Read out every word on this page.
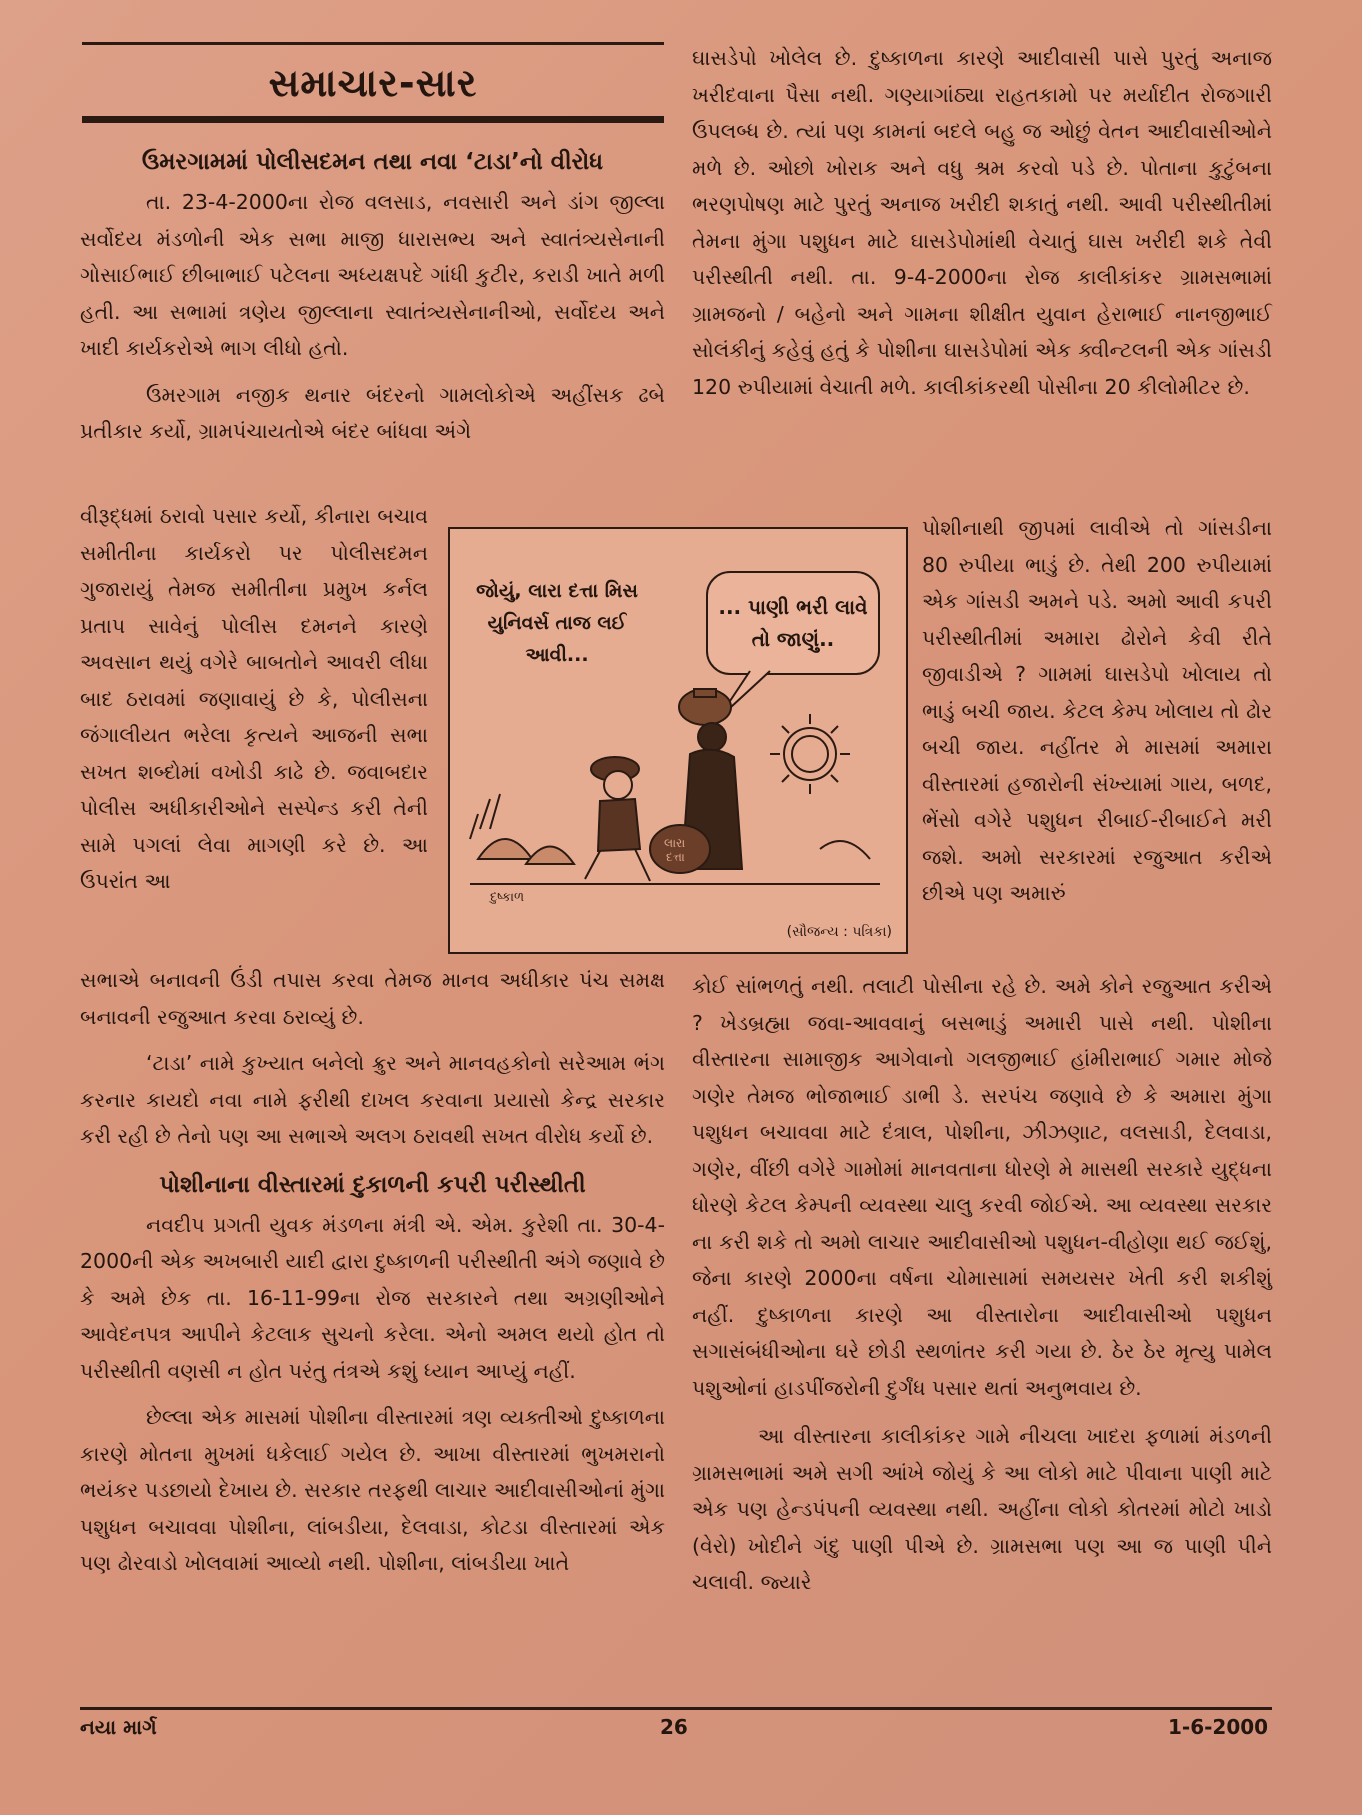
સમાચાર-સાર
ઉમરગામમાં પોલીસદમન તથા નવા ‘ટાડા’નો વીરોધ

તા. 23-4-2000ના રોજ વલસાડ, નવસારી અને ડાંગ જીલ્લા સર્વોદય મંડળોની એક સભા માજી ધારાસભ્ય અને સ્વાતંત્ર્યસેનાની ગોસાઈભાઈ છીબાભાઈ પટેલના અધ્યક્ષપદે ગાંધી કુટીર, કરાડી ખાતે મળી હતી. આ સભામાં ત્રણેય જીલ્લાના સ્વાતંત્ર્યસેનાનીઓ, સર્વોદય અને ખાદી કાર્યકરોએ ભાગ લીધો હતો.

ઉમરગામ નજીક થનાર બંદરનો ગામલોકોએ અહીંસક ઢબે પ્રતીકાર કર્યો, ગ્રામપંચાયતોએ બંદર બાંધવા અંગે

વીરૂદ્ધમાં ઠરાવો પસાર કર્યો, કીનારા બચાવ સમીતીના કાર્યકરો પર પોલીસદમન ગુજારાયું તેમજ સમીતીના પ્રમુખ કર્નલ પ્રતાપ સાવેનું પોલીસ દમનને કારણે અવસાન થયું વગેરે બાબતોને આવરી લીધા બાદ ઠરાવમાં જણાવાયું છે કે, પોલીસના જંગાલીયત ભરેલા કૃત્યને આજની સભા સખત શબ્દોમાં વખોડી કાઢે છે. જવાબદાર પોલીસ અધીકારીઓને સસ્પેન્ડ કરી તેની સામે પગલાં લેવા માગણી કરે છે. આ ઉપરાંત આ

સભાએ બનાવની ઉંડી તપાસ કરવા તેમજ માનવ અધીકાર પંચ સમક્ષ બનાવની રજુઆત કરવા ઠરાવ્યું છે.

‘ટાડા’ નામે કુખ્યાત બનેલો ક્રુર અને માનવહકોનો સરેઆમ ભંગ કરનાર કાયદો નવા નામે ફરીથી દાખલ કરવાના પ્રયાસો કેન્દ્ર સરકાર કરી રહી છે તેનો પણ આ સભાએ અલગ ઠરાવથી સખત વીરોધ કર્યો છે.

પોશીનાના વીસ્તારમાં દુકાળની કપરી પરીસ્થીતી

નવદીપ પ્રગતી યુવક મંડળના મંત્રી એ. એમ. કુરેશી તા. 30-4-2000ની એક અખબારી યાદી દ્વારા દુષ્કાળની પરીસ્થીતી અંગે જણાવે છે કે અમે છેક તા. 16-11-99ના રોજ સરકારને તથા અગ્રણીઓને આવેદનપત્ર આપીને કેટલાક સુચનો કરેલા. એનો અમલ થયો હોત તો પરીસ્થીતી વણસી ન હોત પરંતુ તંત્રએ કશું ધ્યાન આપ્યું નહીં.

છેલ્લા એક માસમાં પોશીના વીસ્તારમાં ત્રણ વ્યક્તીઓ દુષ્કાળના કારણે મોતના મુખમાં ધકેલાઈ ગયેલ છે. આખા વીસ્તારમાં ભુખમરાનો ભયંકર પડછાયો દેખાય છે. સરકાર તરફથી લાચાર આદીવાસીઓનાં મુંગા પશુધન બચાવવા પોશીના, લાંબડીયા, દેલવાડા, કોટડા વીસ્તારમાં એક પણ ઢોરવાડો ખોલવામાં આવ્યો નથી. પોશીના, લાંબડીયા ખાતે

ઘાસડેપો ખોલેલ છે. દુષ્કાળના કારણે આદીવાસી પાસે પુરતું અનાજ ખરીદવાના પૈસા નથી. ગણ્યાગાંઠ્યા રાહતકામો પર મર્યાદીત રોજગારી ઉપલબ્ધ છે. ત્યાં પણ કામનાં બદલે બહુ જ ઓછું વેતન આદીવાસીઓને મળે છે. ઓછો ખોરાક અને વધુ શ્રમ કરવો પડે છે. પોતાના કુટુંબના ભરણપોષણ માટે પુરતું અનાજ ખરીદી શકાતું નથી. આવી પરીસ્થીતીમાં તેમના મુંગા પશુધન માટે ઘાસડેપોમાંથી વેચાતું ઘાસ ખરીદી શકે તેવી પરીસ્થીતી નથી. તા. 9-4-2000ના રોજ કાલીકાંકર ગ્રામસભામાં ગ્રામજનો / બહેનો અને ગામના શીક્ષીત યુવાન હેરાભાઈ નાનજીભાઈ સોલંકીનું કહેવું હતું કે પોશીના ઘાસડેપોમાં એક ક્વીન્ટલની એક ગાંસડી 120 રુપીયામાં વેચાતી મળે. કાલીકાંકરથી પોસીના 20 કીલોમીટર છે.

પોશીનાથી જીપમાં લાવીએ તો ગાંસડીના 80 રુપીયા ભાડું છે. તેથી 200 રુપીયામાં એક ગાંસડી અમને પડે. અમો આવી કપરી પરીસ્થીતીમાં અમારા ઢોરોને કેવી રીતે જીવાડીએ ? ગામમાં ઘાસડેપો ખોલાય તો ભાડું બચી જાય. કેટલ કેમ્પ ખોલાય તો ઢોર બચી જાય. નહીંતર મે માસમાં અમારા વીસ્તારમાં હજારોની સંખ્યામાં ગાય, બળદ, ભેંસો વગેરે પશુધન રીબાઈ-રીબાઈને મરી જશે. અમો સરકારમાં રજુઆત કરીએ છીએ પણ અમારું

કોઈ સાંભળતું નથી. તલાટી પોસીના રહે છે. અમે કોને રજુઆત કરીએ ? ખેડબ્રહ્મા જવા-આવવાનું બસભાડું અમારી પાસે નથી. પોશીના વીસ્તારના સામાજીક આગેવાનો ગલજીભાઈ હાંમીરાભાઈ ગમાર મોજે ગણેર તેમજ ભોજાભાઈ ડાભી ડે. સરપંચ જણાવે છે કે અમારા મુંગા પશુધન બચાવવા માટે દંત્રાલ, પોશીના, ઝીઝણાટ, વલસાડી, દેલવાડા, ગણેર, વીંછી વગેરે ગામોમાં માનવતાના ધોરણે મે માસથી સરકારે યુદ્ધના ધોરણે કેટલ કેમ્પની વ્યવસ્થા ચાલુ કરવી જોઈએ. આ વ્યવસ્થા સરકાર ના કરી શકે તો અમો લાચાર આદીવાસીઓ પશુધન-વીહોણા થઈ જઈશું, જેના કારણે 2000ના વર્ષના ચોમાસામાં સમયસર ખેતી કરી શકીશું નહીં. દુષ્કાળના કારણે આ વીસ્તારોના આદીવાસીઓ પશુધન સગાસંબંધીઓના ઘરે છોડી સ્થળાંતર કરી ગયા છે. ઠેર ઠેર મૃત્યુ પામેલ પશુઓનાં હાડપીંજરોની દુર્ગંધ પસાર થતાં અનુભવાય છે.

આ વીસ્તારના કાલીકાંકર ગામે નીચલા ખાદરા ફળામાં મંડળની ગ્રામસભામાં અમે સગી આંખે જોયું કે આ લોકો માટે પીવાના પાણી માટે એક પણ હેન્ડપંપની વ્યવસ્થા નથી. અહીંના લોકો કોતરમાં મોટો ખાડો (વેરો) ખોદીને ગંદુ પાણી પીએ છે. ગ્રામસભા પણ આ જ પાણી પીને ચલાવી. જ્યારે

જોયું, લારા દત્તા મિસ યુનિવર્સ તાજ લઈ આવી...
... પાણી ભરી લાવે તો જાણું..
લારા
દત્તા
દુષ્કાળ
(સૌજન્ય : પત્રિકા)
નયા માર્ગ	26	1-6-2000
